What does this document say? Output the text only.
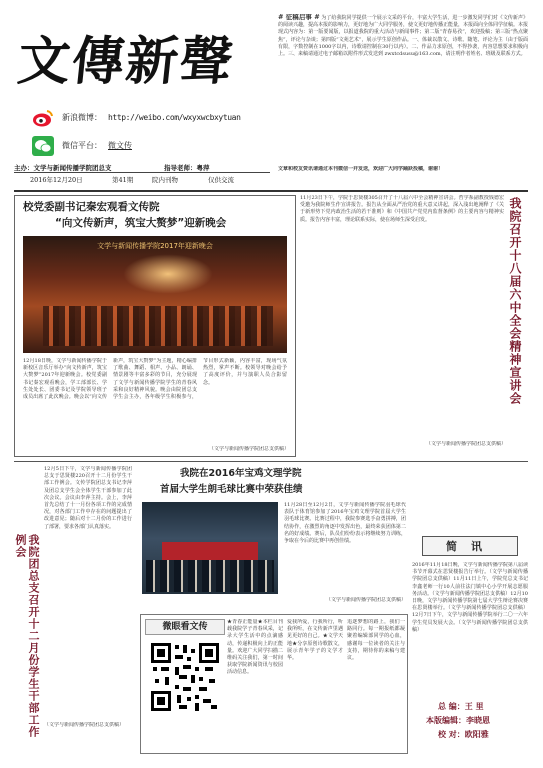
文傳新聲
新浪微博： http://weibo.com/wxyxwcbxytuan
微信平台： 微文传
主办：文学与新闻传播学院团总支	指导老师：粤萍
2016年12月20日	第41期	院内刊物	仅供交流
# 征稿启事 # 为了给我院同学提供一个展示文采的平台，丰富大学生活，进一步激发同学们对《文传新声》的阅读兴趣，提高本报的影响力，更好地为广大同学服务，使文更好地传播正能量，本报面向全体同学征稿。本报现式内容为：第一版要闻版，以报道我院的重大活动与新闻事件；第二版“青春易孜”，欢迎投稿；第三版“热点聚焦”，评论与杂谈；第四版“文苑艺术”，展示学生原创作品。一、体裁以散文、诗歌、随笔、评论为主（由于版面有限，字数控制在1000字以内，诗歌请控制在30行以内）。二、作品力求原创，不得抄袭，内容思想要求积极向上。三、来稿请通过电子邮箱以附件形式发送到 zwxtcdsusu@163.com，请注明作者姓名、班级及联系方式。
文章和校友资讯请通过本刊微信一并发送，欢迎广大同学踊跃投稿，谢谢！
校党委副书记秦宏观看文传院
“向文传新声，筑宝大赘梦”迎新晚会
文学与新闻传播学院2017年迎新晚会
12月18日晚，文学与新闻传播学院于新校区音乐厅举办“向文传新声，筑宝大赘梦”2017年迎新晚会。校党委副书记秦宏观看晚会，学工部部长、学生处处长、团委书记及学院领导班子成员出席了此次晚会。晚会以“向文传新声，筑宝大赘梦”为主题，精心编排了歌曲、舞蹈、相声、小品、朗诵、情景剧等丰富多彩的节目，充分展现了文学与新闻传播学院学生的青春风采和良好精神风貌。晚会由院团总支学生会主办，各年级学生积极参与，节目形式新颖，内容丰富，现场气氛热烈，掌声不断。校领导对晚会给予了高度评价，并与演职人员合影留念。
（文学与新闻传播学院团总支供稿）
11月23日下午，学院于思贤楼305召开了十八届六中全会精神宣讲会。哲学系副教授钱德宏受邀为我院师生作宣讲报告。报告从全面从严治党的重大意义讲起，深入浅出地阐释了《关于新形势下党内政治生活的若干准则》和《中国共产党党内监督条例》的主要内容与精神实质。报告内容丰富，理论联系实际，使在场师生深受启发。	我院召开十八届六中全会精神宣讲会
（文学与新闻传播学院团总支供稿）
我院团总支召开十二月份学生干部工作例会
12月5日下午，文学与新闻传播学院团总支于思贤楼220召开十二月份学生干部工作例会。文传学院团总支书记李萍及团总支学生会全体学生干部参加了此次会议。会议由李萍主持。会上，李萍首先总结了十一月份各项工作的完成情况，对各部门工作中存在的问题提出了改进意见；随后对十二月份的工作进行了部署，要求各部门认真落实。
（文学与新闻传播学院团总支供稿）
我院在2016年宝鸡文理学院
首届大学生朗毛球比赛中荣获佳绩
11月28日至12月2日，文学与新闻传播学院羽毛球代表队于体育馆参加了2016年宝鸡文理学院首届大学生羽毛球比赛。比赛过程中，我院参赛选手奋勇拼搏，团结协作，在激烈的角逐中发挥出色，最终荣获团体第二名的好成绩。赛后，队员们纷纷表示将继续努力训练，争取在今后的比赛中再创佳绩。
（文学与新闻传播学院团总支供稿）
简讯
2016年11月18日晚，文学与新闻传播学院第八届读书节开幕式在思贤楼报告厅举行。（文学与新闻传播学院团总支供稿）11月11日上午，学院党总支书记李鑫老师一行10人前往法门镇中心小学开展志愿服务活动。（文学与新闻传播学院团总支供稿）12月10日晚，文学与新闻传播学院第七届大学生辩论赛决赛在思贤楼举行。（文学与新闻传播学院团总支供稿）12月7日下午，文学与新闻传播学院举行二〇一六年学生党员发展大会。（文学与新闻传播学院团总支供稿）
微眼看文传	★青春正能量★本栏目刊载我院学子青春风采，记录大学生活中的点滴感动，传递积极向上的正能量。欢迎广大同学扫描二维码关注我们，第一时间获取学院新闻资讯与校园活动信息。
爱我所爱，行我所行，听我所听，在文传新声里遇见更好的自己。★文学天地★分享原创诗歌散文，展示青年学子的文学才华。
追逐梦想的路上，我们一路同行。每一期报纸都凝聚着编辑部同学的心血，感谢每一位读者的关注与支持，期待你的来稿与建议。
总 编：王 里
本版编辑：李晓恩
校 对：欧阳雅
